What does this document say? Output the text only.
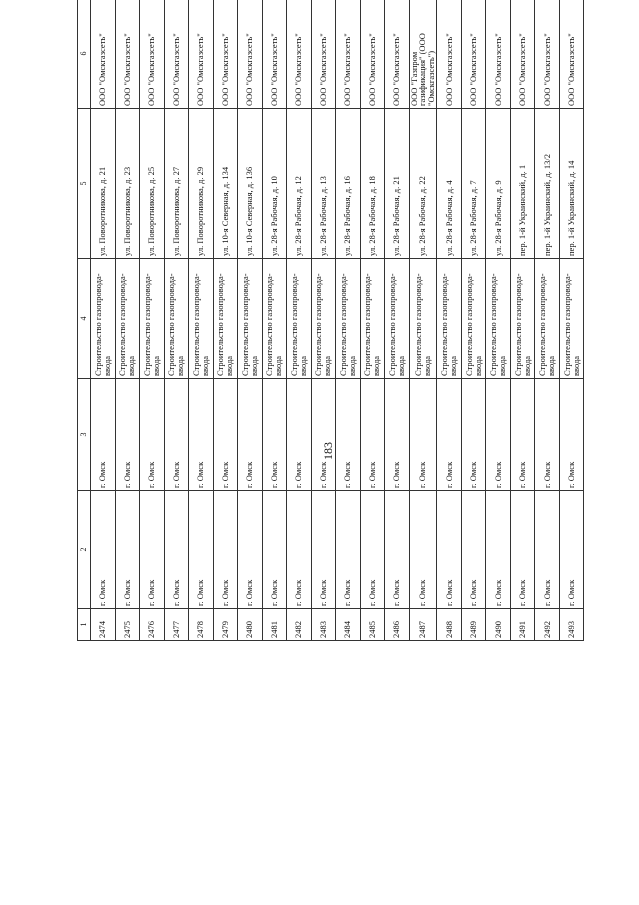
183
1	2	3	4	5	6		
2474	г. Омск	г. Омск	Строительство газопровода-ввода	ул. Поворотникова, д. 21	ООО "Омскгазсеть"		
2475	г. Омск	г. Омск	Строительство газопровода-ввода	ул. Поворотникова, д. 23	ООО "Омскгазсеть"		
2476	г. Омск	г. Омск	Строительство газопровода-ввода	ул. Поворотникова, д. 25	ООО "Омскгазсеть"		
2477	г. Омск	г. Омск	Строительство газопровода-ввода	ул. Поворотникова, д. 27	ООО "Омскгазсеть"		
2478	г. Омск	г. Омск	Строительство газопровода-ввода	ул. Поворотникова, д. 29	ООО "Омскгазсеть"		
2479	г. Омск	г. Омск	Строительство газопровода-ввода	ул. 10-я Северная, д. 134	ООО "Омскгазсеть"		
2480	г. Омск	г. Омск	Строительство газопровода-ввода	ул. 10-я Северная, д. 136	ООО "Омскгазсеть"		
2481	г. Омск	г. Омск	Строительство газопровода-ввода	ул. 28-я Рабочая, д. 10	ООО "Омскгазсеть"		
2482	г. Омск	г. Омск	Строительство газопровода-ввода	ул. 28-я Рабочая, д. 12	ООО "Омскгазсеть"		
2483	г. Омск	г. Омск	Строительство газопровода-ввода	ул. 28-я Рабочая, д. 13	ООО "Омскгазсеть"		
2484	г. Омск	г. Омск	Строительство газопровода-ввода	ул. 28-я Рабочая, д. 16	ООО "Омскгазсеть"		
2485	г. Омск	г. Омск	Строительство газопровода-ввода	ул. 28-я Рабочая, д. 18	ООО "Омскгазсеть"		
2486	г. Омск	г. Омск	Строительство газопровода-ввода	ул. 28-я Рабочая, д. 21	ООО "Омскгазсеть"		
2487	г. Омск	г. Омск	Строительство газопровода-ввода	ул. 28-я Рабочая, д. 22	ООО "Газпром газификация" (ООО "Омскгазсеть")		
2488	г. Омск	г. Омск	Строительство газопровода-ввода	ул. 28-я Рабочая, д. 4	ООО "Омскгазсеть"		
2489	г. Омск	г. Омск	Строительство газопровода-ввода	ул. 28-я Рабочая, д. 7	ООО "Омскгазсеть"		
2490	г. Омск	г. Омск	Строительство газопровода-ввода	ул. 28-я Рабочая, д. 9	ООО "Омскгазсеть"		
2491	г. Омск	г. Омск	Строительство газопровода-ввода	пер. 1-й Украинский, д. 1	ООО "Омскгазсеть"		
2492	г. Омск	г. Омск	Строительство газопровода-ввода	пер. 1-й Украинский, д. 13/2	ООО "Омскгазсеть"		
2493	г. Омск	г. Омск	Строительство газопровода-ввода	пер. 1-й Украинский, д. 14	ООО "Омскгазсеть"		
